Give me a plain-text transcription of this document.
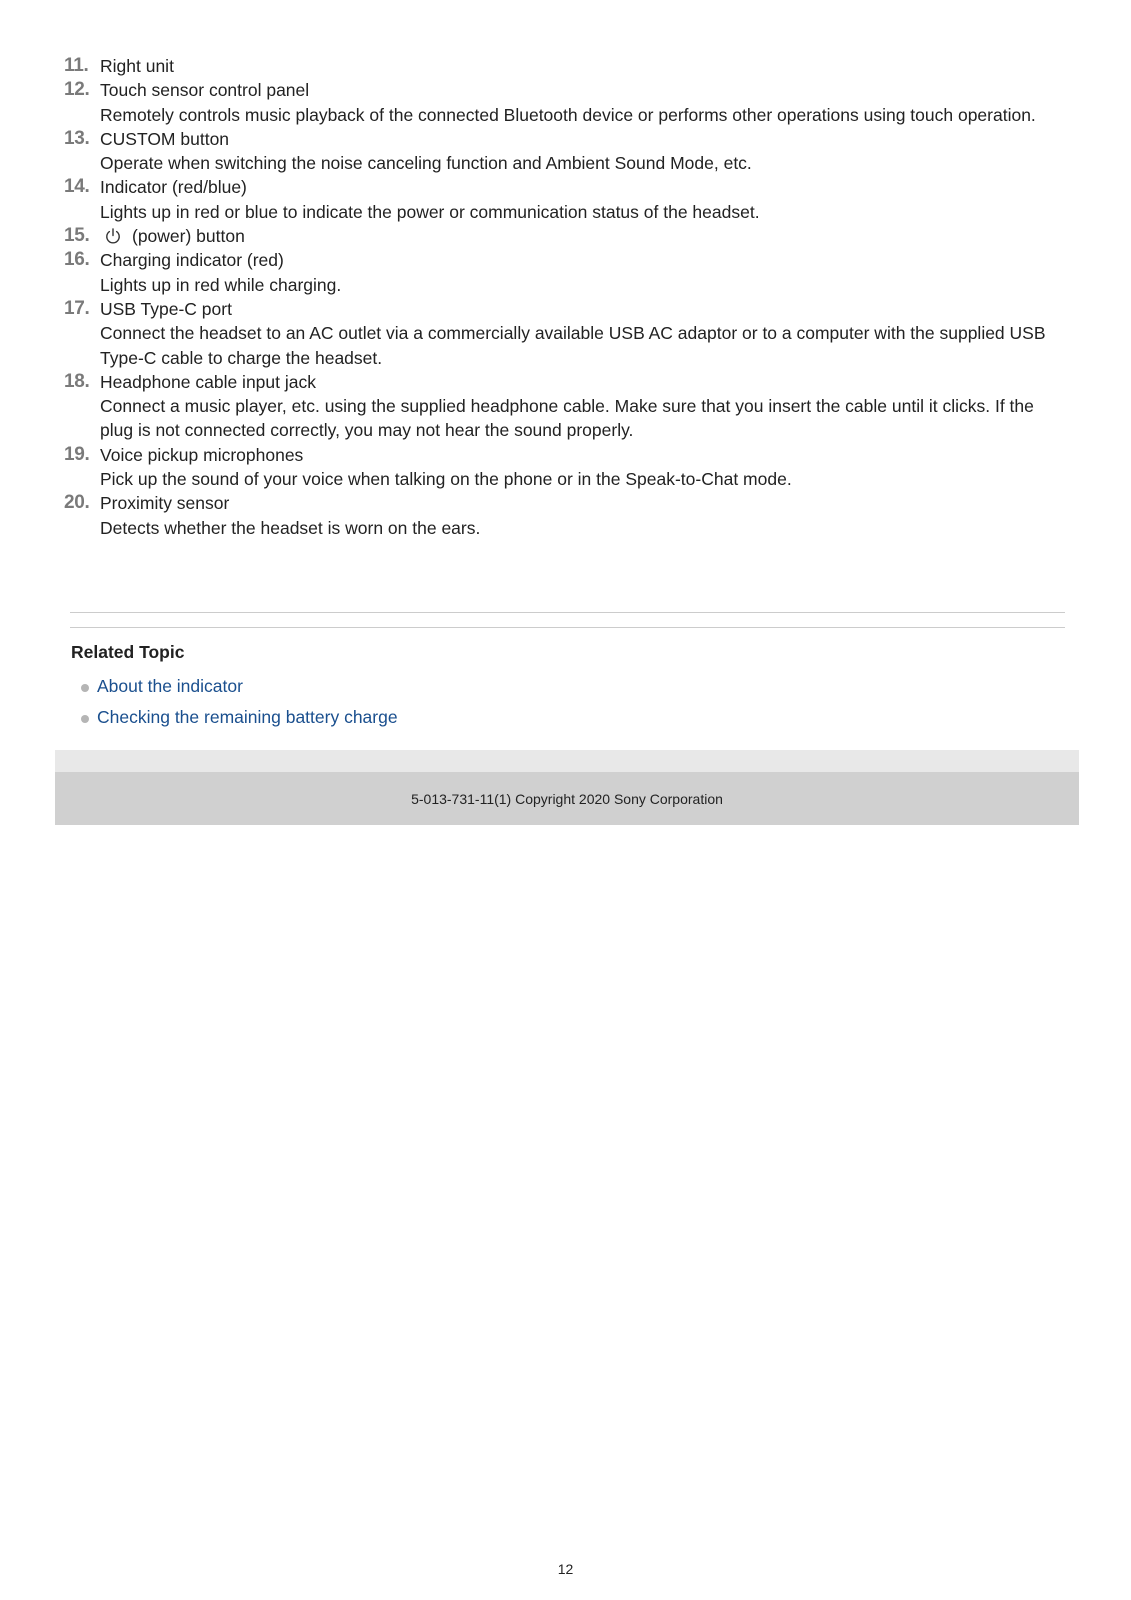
11. Right unit
12. Touch sensor control panel
Remotely controls music playback of the connected Bluetooth device or performs other operations using touch operation.
13. CUSTOM button
Operate when switching the noise canceling function and Ambient Sound Mode, etc.
14. Indicator (red/blue)
Lights up in red or blue to indicate the power or communication status of the headset.
15.	(power) button
16. Charging indicator (red)
Lights up in red while charging.
17. USB Type-C port
Connect the headset to an AC outlet via a commercially available USB AC adaptor or to a computer with the supplied USB Type-C cable to charge the headset.
18. Headphone cable input jack
Connect a music player, etc. using the supplied headphone cable. Make sure that you insert the cable until it clicks. If the plug is not connected correctly, you may not hear the sound properly.
19. Voice pickup microphones
Pick up the sound of your voice when talking on the phone or in the Speak-to-Chat mode.
20. Proximity sensor
Detects whether the headset is worn on the ears.
Related Topic
About the indicator
Checking the remaining battery charge
5-013-731-11(1) Copyright 2020 Sony Corporation
12
